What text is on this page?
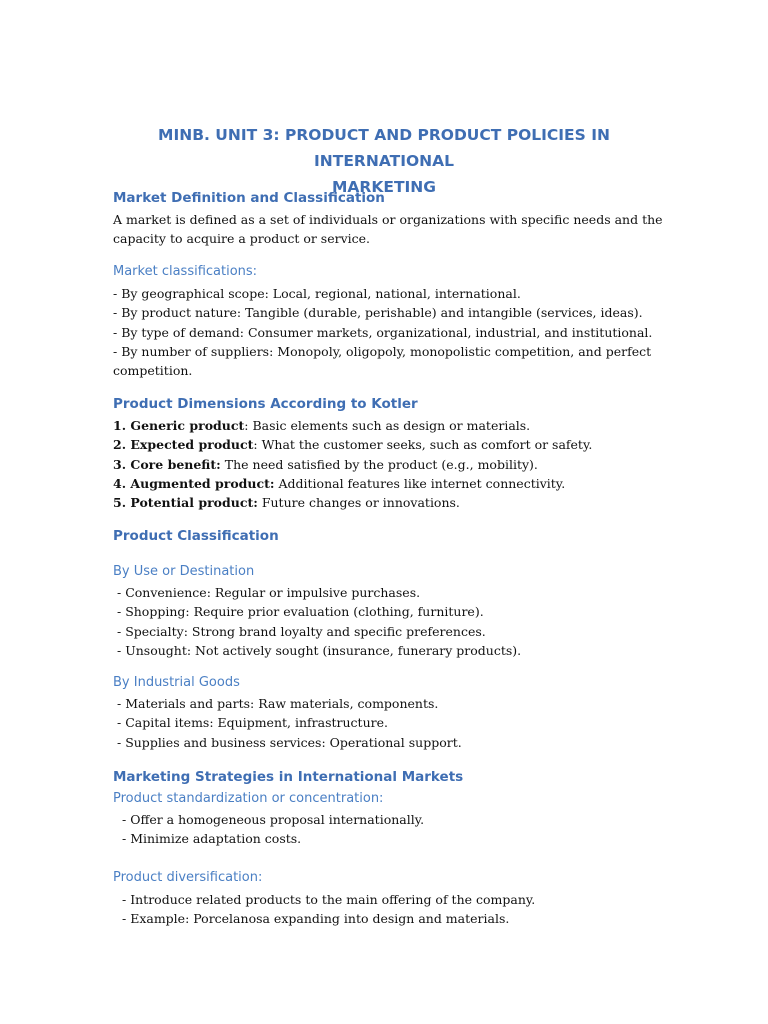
MINB. UNIT 3: PRODUCT AND PRODUCT POLICIES IN INTERNATIONAL
MARKETING
Market Definition and Classification
A market is defined as a set of individuals or organizations with specific needs and the
capacity to acquire a product or service.
Market classifications:
- By geographical scope: Local, regional, national, international.
- By product nature: Tangible (durable, perishable) and intangible (services, ideas).
- By type of demand: Consumer markets, organizational, industrial, and institutional.
- By number of suppliers: Monopoly, oligopoly, monopolistic competition, and perfect
competition.
Product Dimensions According to Kotler
1. Generic product: Basic elements such as design or materials.
2. Expected product: What the customer seeks, such as comfort or safety.
3. Core benefit: The need satisfied by the product (e.g., mobility).
4. Augmented product: Additional features like internet connectivity.
5. Potential product: Future changes or innovations.
Product Classification
By Use or Destination
- Convenience: Regular or impulsive purchases.
- Shopping: Require prior evaluation (clothing, furniture).
- Specialty: Strong brand loyalty and specific preferences.
- Unsought: Not actively sought (insurance, funerary products).
By Industrial Goods
- Materials and parts: Raw materials, components.
- Capital items: Equipment, infrastructure.
- Supplies and business services: Operational support.
Marketing Strategies in International Markets
Product standardization or concentration:
- Offer a homogeneous proposal internationally.
- Minimize adaptation costs.
Product diversification:
- Introduce related products to the main offering of the company.
- Example: Porcelanosa expanding into design and materials.
